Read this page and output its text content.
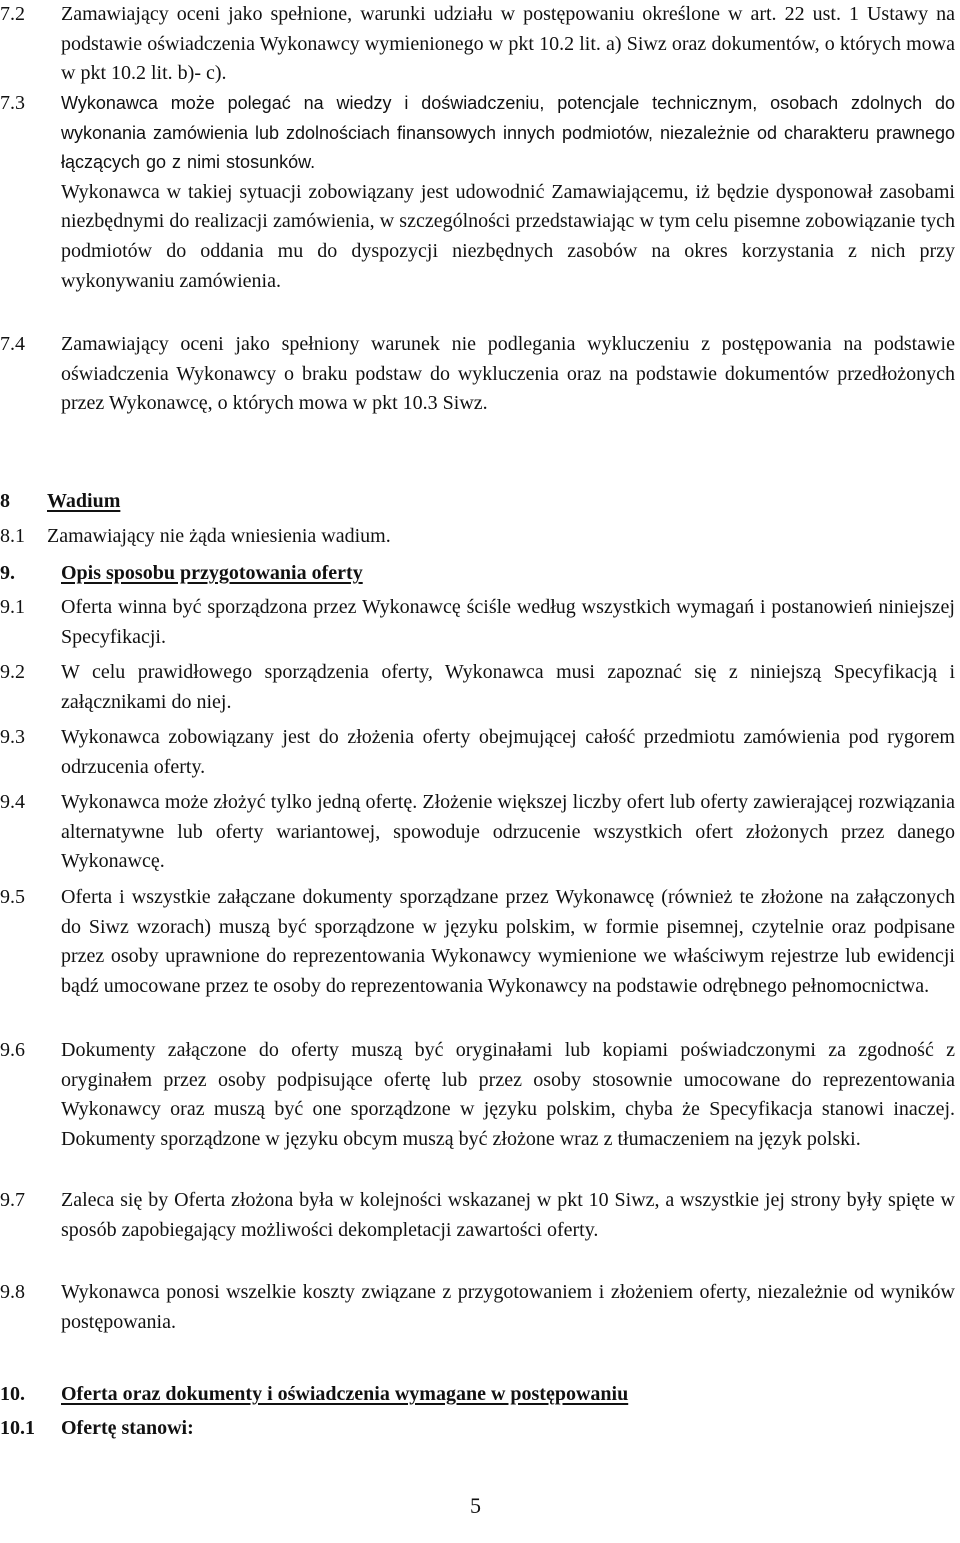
7.2 Zamawiający oceni jako spełnione, warunki udziału w postępowaniu określone w art. 22 ust. 1 Ustawy na podstawie oświadczenia Wykonawcy wymienionego w pkt 10.2 lit. a) Siwz oraz dokumentów, o których mowa w pkt 10.2 lit. b)- c).
7.3 Wykonawca może polegać na wiedzy i doświadczeniu, potencjale technicznym, osobach zdolnych do wykonania zamówienia lub zdolnościach finansowych innych podmiotów, niezależnie od charakteru prawnego łączących go z nimi stosunków.
Wykonawca w takiej sytuacji zobowiązany jest udowodnić Zamawiającemu, iż będzie dysponował zasobami niezbędnymi do realizacji zamówienia, w szczególności przedstawiając w tym celu pisemne zobowiązanie tych podmiotów do oddania mu do dyspozycji niezbędnych zasobów na okres korzystania z nich przy wykonywaniu zamówienia.
7.4 Zamawiający oceni jako spełniony warunek nie podlegania wykluczeniu z postępowania na podstawie oświadczenia Wykonawcy o braku podstaw do wykluczenia oraz na podstawie dokumentów przedłożonych przez Wykonawcę, o których mowa w pkt 10.3 Siwz.
8 Wadium
8.1 Zamawiający nie żąda wniesienia wadium.
9. Opis sposobu przygotowania oferty
9.1 Oferta winna być sporządzona przez Wykonawcę ściśle według wszystkich wymagań i postanowień niniejszej Specyfikacji.
9.2 W celu prawidłowego sporządzenia oferty, Wykonawca musi zapoznać się z niniejszą Specyfikacją i załącznikami do niej.
9.3 Wykonawca zobowiązany jest do złożenia oferty obejmującej całość przedmiotu zamówienia pod rygorem odrzucenia oferty.
9.4 Wykonawca może złożyć tylko jedną ofertę. Złożenie większej liczby ofert lub oferty zawierającej rozwiązania alternatywne lub oferty wariantowej, spowoduje odrzucenie wszystkich ofert złożonych przez danego Wykonawcę.
9.5 Oferta i wszystkie załączane dokumenty sporządzane przez Wykonawcę (również te złożone na załączonych do Siwz wzorach) muszą być sporządzone w języku polskim, w formie pisemnej, czytelnie oraz podpisane przez osoby uprawnione do reprezentowania Wykonawcy wymienione we właściwym rejestrze lub ewidencji bądź umocowane przez te osoby do reprezentowania Wykonawcy na podstawie odrębnego pełnomocnictwa.
9.6 Dokumenty załączone do oferty muszą być oryginałami lub kopiami poświadczonymi za zgodność z oryginałem przez osoby podpisujące ofertę lub przez osoby stosownie umocowane do reprezentowania Wykonawcy oraz muszą być one sporządzone w języku polskim, chyba że Specyfikacja stanowi inaczej. Dokumenty sporządzone w języku obcym muszą być złożone wraz z tłumaczeniem na język polski.
9.7 Zaleca się by Oferta złożona była w kolejności wskazanej w pkt 10 Siwz, a wszystkie jej strony były spięte w sposób zapobiegający możliwości dekompletacji zawartości oferty.
9.8 Wykonawca ponosi wszelkie koszty związane z przygotowaniem i złożeniem oferty, niezależnie od wyników postępowania.
10. Oferta oraz dokumenty i oświadczenia wymagane w postępowaniu
10.1 Ofertę stanowi:
5
